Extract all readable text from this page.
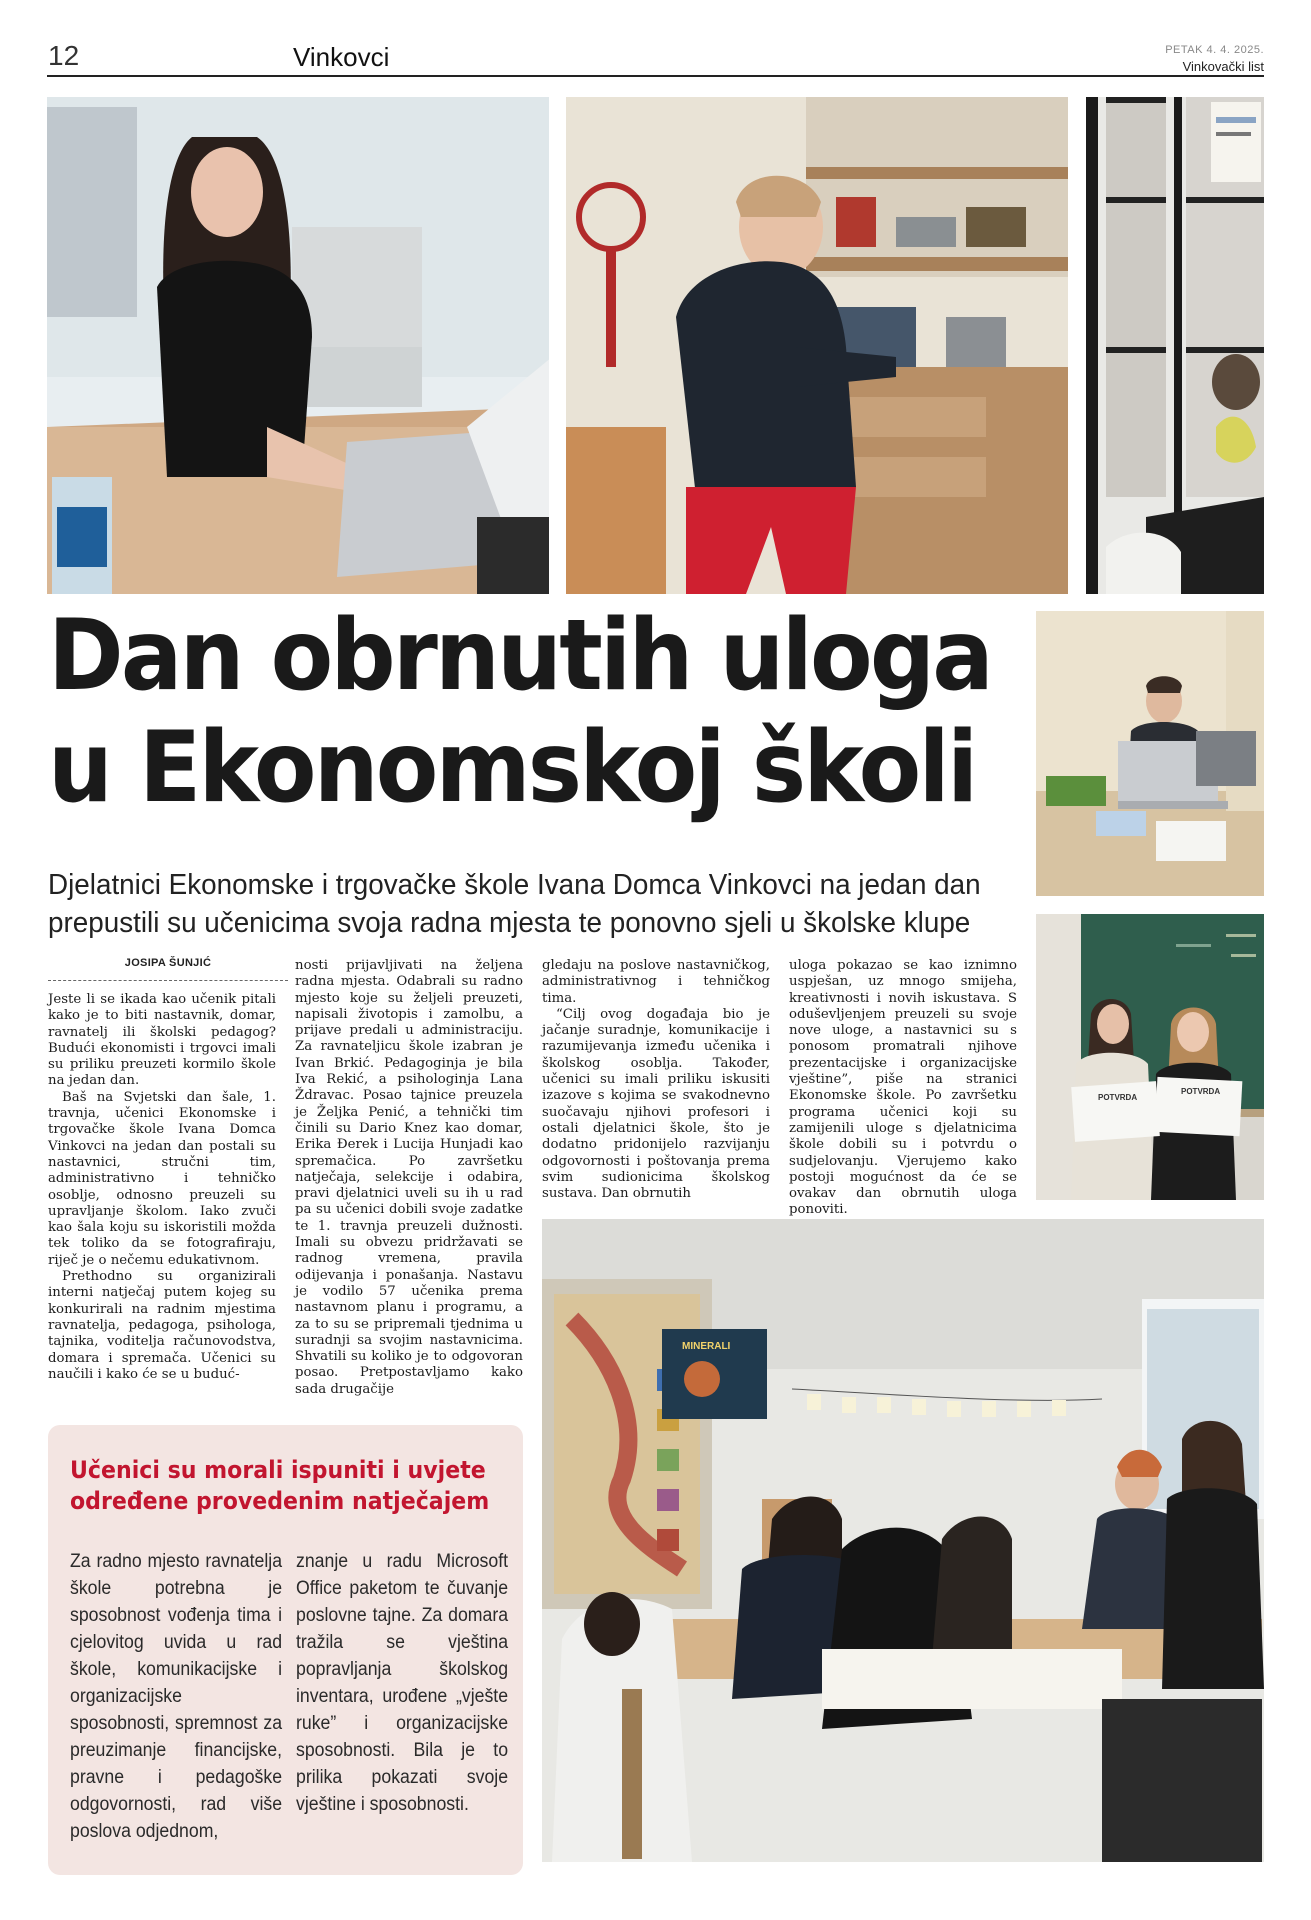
12	Vinkovci	PETAK 4. 4. 2025.
Vinkovački list
POTVRDA
POTVRDA
MINERALI
Dan obrnutih uloga
u Ekonomskoj školi
Djelatnici Ekonomske i trgovačke škole Ivana Domca Vinkovci na jedan dan prepustili su učenicima svoja radna mjesta te ponovno sjeli u školske klupe
JOSIPA ŠUNJIĆ

Jeste li se ikada kao učenik pitali kako je to biti nastavnik, domar, ravnatelj ili školski pedagog? Budući ekonomisti i trgovci imali su priliku preuzeti kormilo škole na jedan dan.

Baš na Svjetski dan šale, 1. travnja, učenici Ekonomske i trgovačke škole Ivana Domca Vinkovci na jedan dan postali su nastavnici, stručni tim, administrativno i tehničko osoblje, odnosno preuzeli su upravljanje školom. Iako zvuči kao šala koju su iskoristili možda tek toliko da se fotografiraju, riječ je o nečemu edukativnom.

Prethodno su organizirali interni natječaj putem kojeg su konkurirali na radnim mjestima ravnatelja, pedagoga, psihologa, tajnika, voditelja računovodstva, domara i spremača. Učenici su naučili i kako će se u buduć-

nosti prijavljivati na željena radna mjesta. Odabrali su radno mjesto koje su željeli preuzeti, napisali životopis i zamolbu, a prijave predali u administraciju. Za ravnateljicu škole izabran je Ivan Brkić. Pedagoginja je bila Iva Rekić, a psihologinja Lana Ždravac. Posao tajnice preuzela je Željka Penić, a tehnički tim činili su Dario Knez kao domar, Erika Đerek i Lucija Hunjadi kao spremačica. Po završetku natječaja, selekcije i odabira, pravi djelatnici uveli su ih u rad pa su učenici dobili svoje zadatke te 1. travnja preuzeli dužnosti. Imali su obvezu pridržavati se radnog vremena, pravila odijevanja i ponašanja. Nastavu je vodilo 57 učenika prema nastavnom planu i programu, a za to su se pripremali tjednima u suradnji sa svojim nastavnicima. Shvatili su koliko je to odgovoran posao. Pretpostavljamo kako sada drugačije

gledaju na poslove nastavničkog, administrativnog i tehničkog tima.

“Cilj ovog događaja bio je jačanje suradnje, komunikacije i razumijevanja između učenika i školskog osoblja. Također, učenici su imali priliku iskusiti izazove s kojima se svakodnevno suočavaju njihovi profesori i ostali djelatnici škole, što je dodatno pridonijelo razvijanju odgovornosti i poštovanja prema svim sudionicima školskog sustava. Dan obrnutih

uloga pokazao se kao iznimno uspješan, uz mnogo smijeha, kreativnosti i novih iskustava. S oduševljenjem preuzeli su svoje nove uloge, a nastavnici su s ponosom promatrali njihove prezentacijske i organizacijske vještine”, piše na stranici Ekonomske škole. Po završetku programa učenici koji su zamijenili uloge s djelatnicima škole dobili su i potvrdu o sudjelovanju. Vjerujemo kako postoji mogućnost da će se ovakav dan obrnutih uloga ponoviti.

Učenici su morali ispuniti i uvjete
određene provedenim natječajem
Za radno mjesto ravnatelja škole potrebna je sposobnost vođenja tima i cjelovitog uvida u rad škole, komunikacijske i organizacijske sposobnosti, spremnost za preuzimanje financijske, pravne i pedagoške odgovornosti, rad više poslova odjednom,
znanje u radu Microsoft Office paketom te čuvanje poslovne tajne. Za domara tražila se vještina popravljanja školskog inventara, urođene „vješte ruke” i organizacijske sposobnosti. Bila je to prilika pokazati svoje vještine i sposobnosti.
